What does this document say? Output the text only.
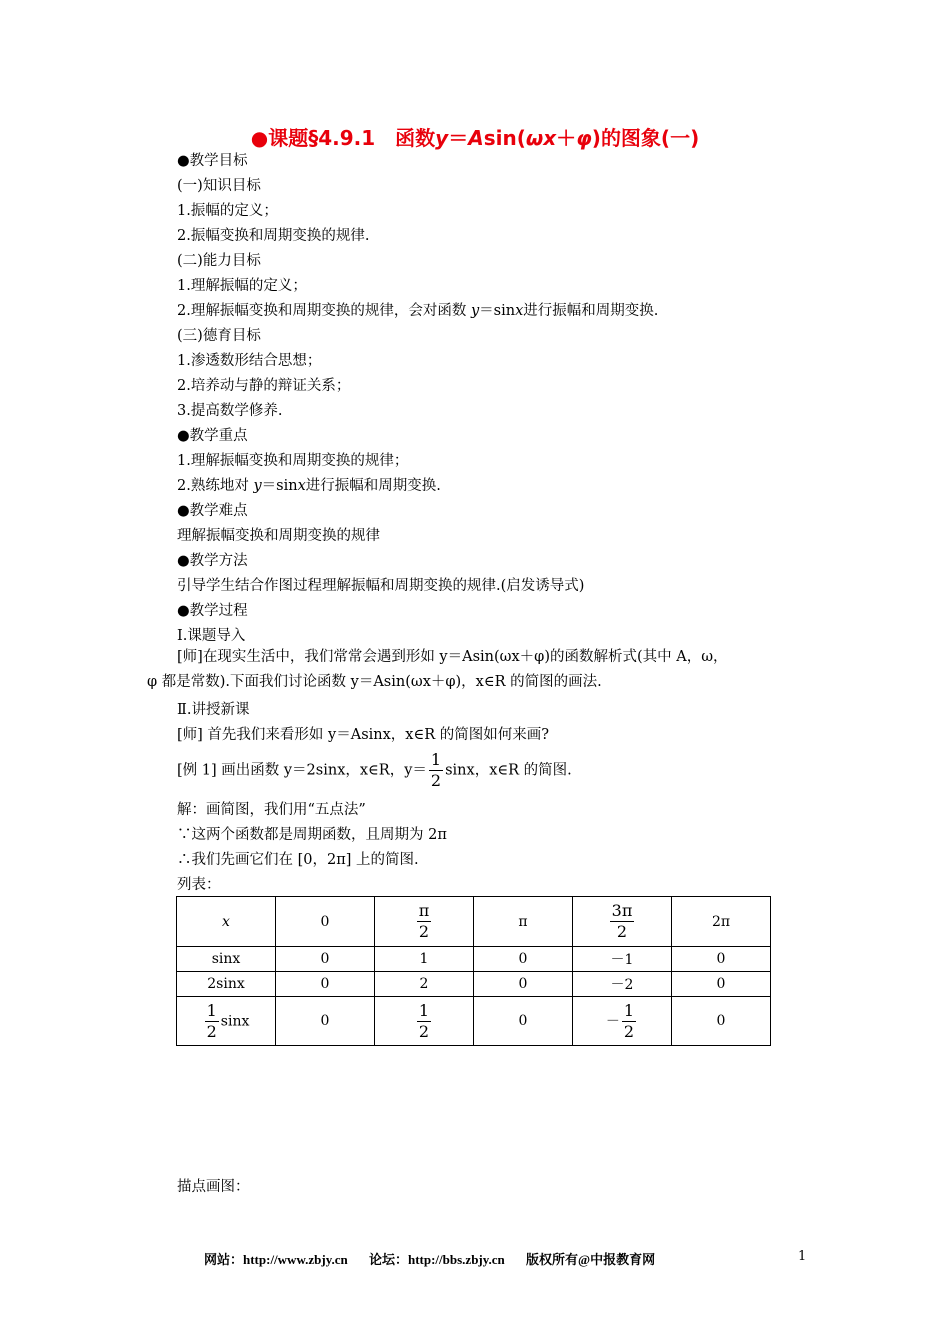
●课题§4.9.1　函数y＝Asin(ωx＋φ)的图象(一)
●教学目标
(一)知识目标
1.振幅的定义；
2.振幅变换和周期变换的规律.
(二)能力目标
1.理解振幅的定义；
2.理解振幅变换和周期变换的规律，会对函数 y＝sinx进行振幅和周期变换.
(三)德育目标
1.渗透数形结合思想；
2.培养动与静的辩证关系；
3.提高数学修养.
●教学重点
1.理解振幅变换和周期变换的规律；
2.熟练地对 y＝sinx进行振幅和周期变换.
●教学难点
理解振幅变换和周期变换的规律
●教学方法
引导学生结合作图过程理解振幅和周期变换的规律.(启发诱导式)
●教学过程
Ⅰ.课题导入
[师]在现实生活中，我们常常会遇到形如 y＝Asin(ωx＋φ)的函数解析式(其中 A，ω，
φ 都是常数).下面我们讨论函数 y＝Asin(ωx＋φ)，x∈R 的简图的画法.
Ⅱ.讲授新课
[师] 首先我们来看形如 y＝Asinx，x∈R 的简图如何来画?
[例 1] 画出函数 y＝2sinx，x∈R，$y= \frac{1}{2}$ sinx，x∈R 的简图.
解：画简图，我们用“五点法”
∵这两个函数都是周期函数，且周期为 2π
∴我们先画它们在 [0，2π] 上的简图.
列表：
x	0	$\frac{\pi}{2}$	π	$\frac{3\pi}{2}$	2π
sinx	0	1	0	－1	0
2sinx	0	2	0	－2	0

$\frac{1}{2}$ sinx	0	$\frac{1}{2}$	0	－ $\frac{1}{2}$	0
描点画图：
网站：http://www.zbjy.cn 论坛：http://bbs.zbjy.cn 版权所有@中报教育网	1
